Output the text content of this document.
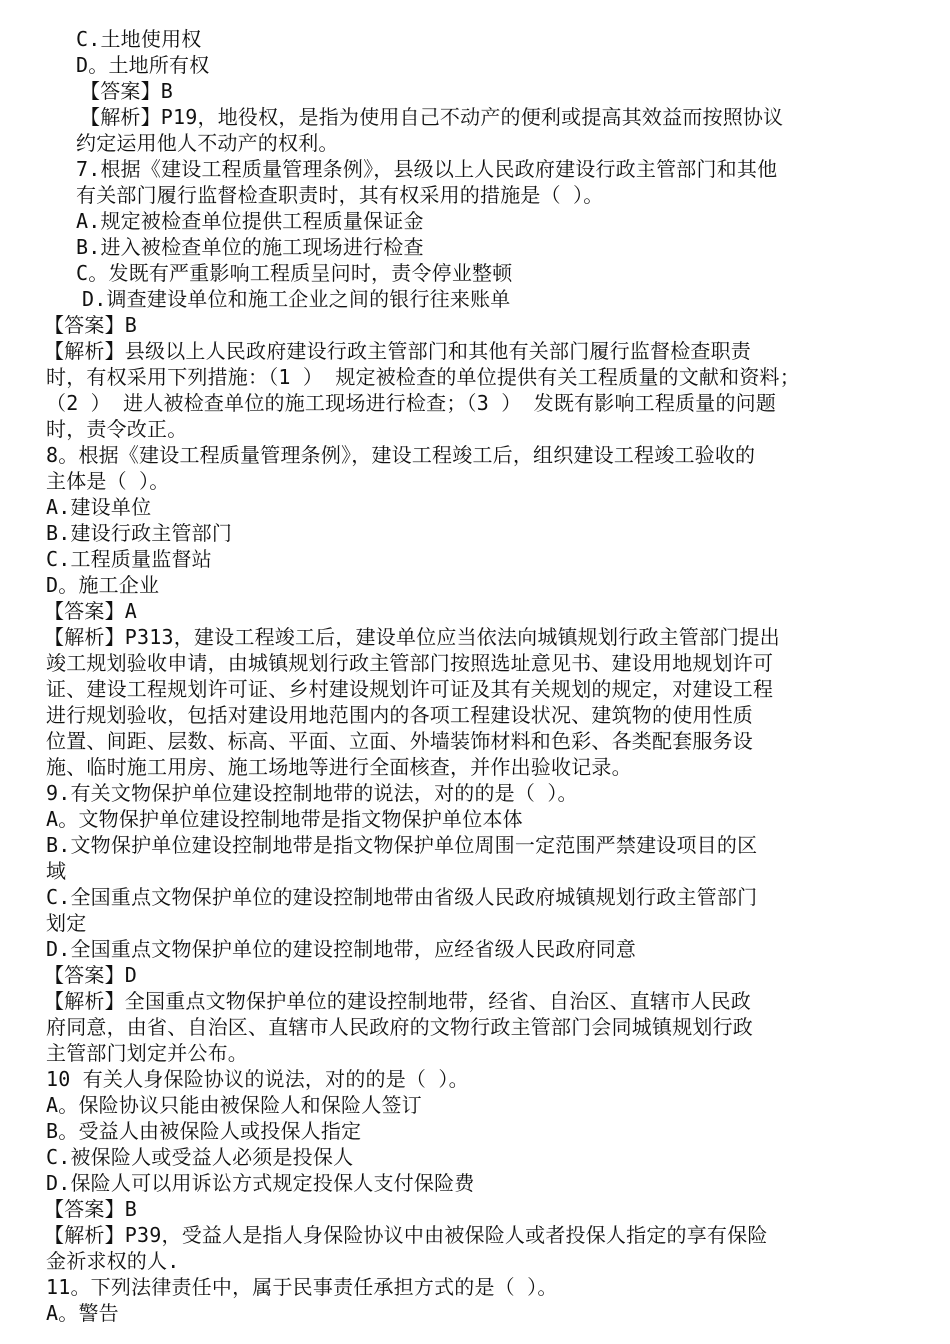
C.土地使用权
D。土地所有权
【答案】B
【解析】P19，地役权，是指为使用自己不动产的便利或提高其效益而按照协议
约定运用他人不动产的权利。
7.根据《建设工程质量管理条例》，县级以上人民政府建设行政主管部门和其他
有关部门履行监督检查职责时，其有权采用的措施是（ ）。
A.规定被检查单位提供工程质量保证金
B.进入被检查单位的施工现场进行检查
C。发既有严重影响工程质呈问时，责令停业整顿
D.调查建设单位和施工企业之间的银行往来账单
【答案】B
【解析】县级以上人民政府建设行政主管部门和其他有关部门履行监督检查职责
时，有权采用下列措施：（1 ） 规定被检查的单位提供有关工程质量的文献和资料；
（2 ） 进人被检查单位的施工现场进行检查；（3 ） 发既有影响工程质量的问题
时，责令改正。
8。根据《建设工程质量管理条例》，建设工程竣工后，组织建设工程竣工验收的
主体是（ ）。
A.建设单位
B.建设行政主管部门
C.工程质量监督站
D。施工企业
【答案】A
【解析】P313，建设工程竣工后，建设单位应当依法向城镇规划行政主管部门提出
竣工规划验收申请，由城镇规划行政主管部门按照选址意见书、建设用地规划许可
证、建设工程规划许可证、乡村建设规划许可证及其有关规划的规定，对建设工程
进行规划验收，包括对建设用地范围内的各项工程建设状况、建筑物的使用性质
位置、间距、层数、标高、平面、立面、外墙装饰材料和色彩、各类配套服务设
施、临时施工用房、施工场地等进行全面核查，并作出验收记录。
9.有关文物保护单位建设控制地带的说法，对的的是（ ）。
A。文物保护单位建设控制地带是指文物保护单位本体
B.文物保护单位建设控制地带是指文物保护单位周围一定范围严禁建设项目的区
域
C.全国重点文物保护单位的建设控制地带由省级人民政府城镇规划行政主管部门
划定
D.全国重点文物保护单位的建设控制地带，应经省级人民政府同意
【答案】D
【解析】全国重点文物保护单位的建设控制地带，经省、自治区、直辖市人民政
府同意，由省、自治区、直辖市人民政府的文物行政主管部门会同城镇规划行政
主管部门划定并公布。
10 有关人身保险协议的说法，对的的是（ ）。
A。保险协议只能由被保险人和保险人签订
B。受益人由被保险人或投保人指定
C.被保险人或受益人必须是投保人
D.保险人可以用诉讼方式规定投保人支付保险费
【答案】B
【解析】P39，受益人是指人身保险协议中由被保险人或者投保人指定的享有保险
金祈求权的人.
11。下列法律责任中，属于民事责任承担方式的是（ ）。
A。警告
